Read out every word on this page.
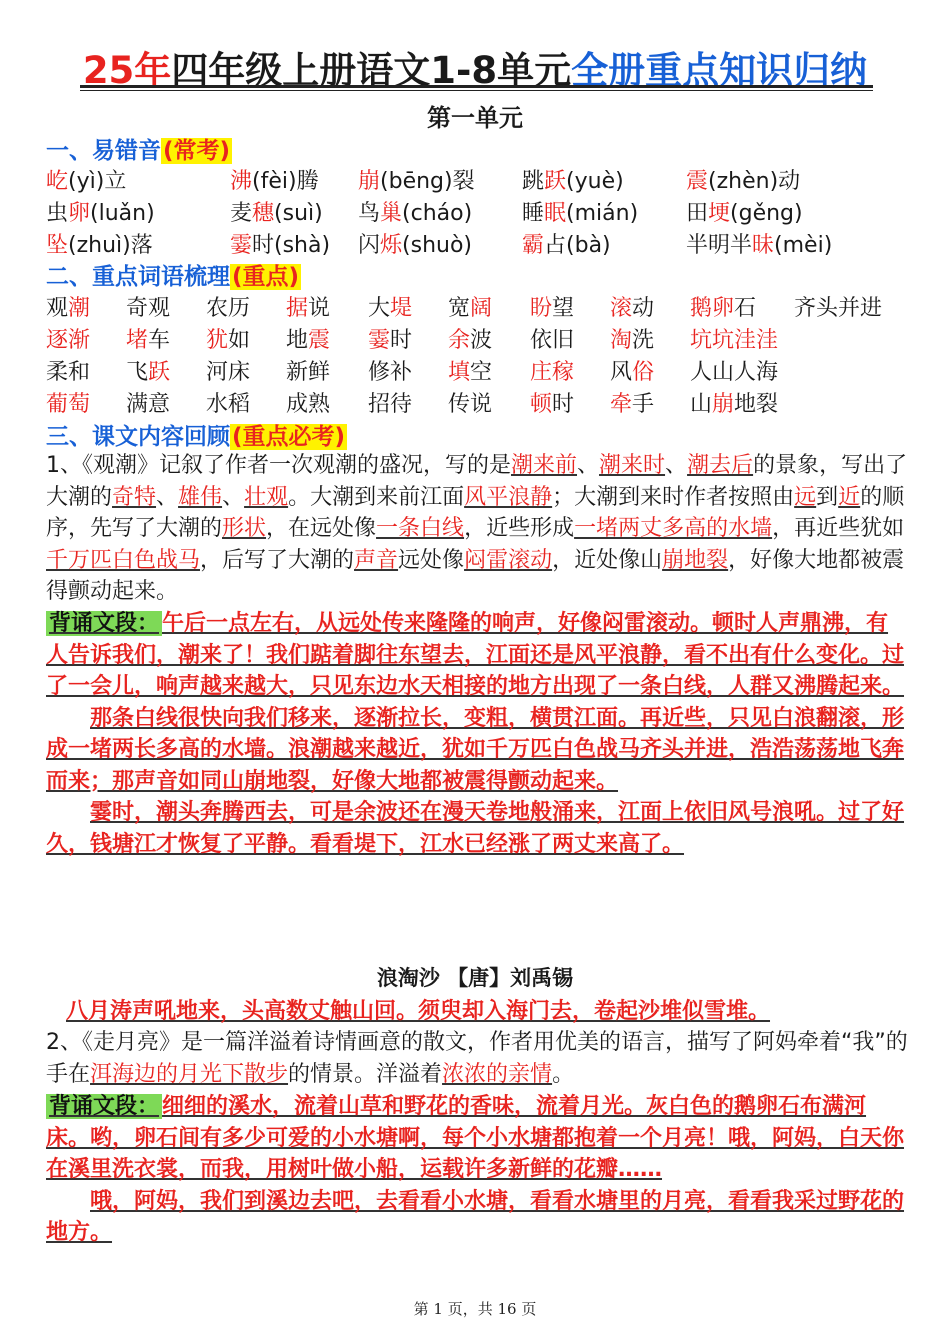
25年四年级上册语文1-8单元全册重点知识归纳
第一单元
一、易错音(常考)
屹(yì)立	沸(fèi)腾 崩(bēng)裂 跳跃(yuè)	震(zhèn)动
虫卵(luǎn)	麦穗(suì) 鸟巢(cháo) 睡眠(mián) 田埂(gěng)
坠(zhuì)落	霎时(shà) 闪烁(shuò) 霸占(bà)	半明半昧(mèi)
二、重点词语梳理(重点)
观潮 奇观 农历 据说 大堤 宽阔 盼望 滚动 鹅卵石 齐头并进
逐渐 堵车 犹如 地震 霎时 余波 依旧 淘洗 坑坑洼洼
柔和 飞跃 河床 新鲜 修补 填空 庄稼 风俗 人山人海
葡萄 满意 水稻 成熟 招待 传说 顿时 牵手 山崩地裂
三、课文内容回顾(重点必考)
1、《观潮》记叙了作者一次观潮的盛况，写的是潮来前、潮来时、潮去后的景象，写出了大潮的奇特、雄伟、壮观。大潮到来前江面风平浪静；大潮到来时作者按照由远到近的顺序，先写了大潮的形状，在远处像一条白线，近些形成一堵两丈多高的水墙，再近些犹如千万匹白色战马，后写了大潮的声音远处像闷雷滚动，近处像山崩地裂，好像大地都被震得颤动起来。
背诵文段： 午后一点左右，从远处传来隆隆的响声，好像闷雷滚动。顿时人声鼎沸，有人告诉我们，潮来了！我们踮着脚往东望去，江面还是风平浪静，看不出有什么变化。过了一会儿，响声越来越大，只见东边水天相接的地方出现了一条白线，人群又沸腾起来。
那条白线很快向我们移来，逐渐拉长，变粗，横贯江面。再近些，只见白浪翻滚，形成一堵两长多高的水墙。浪潮越来越近，犹如千万匹白色战马齐头并进，浩浩荡荡地飞奔而来；那声音如同山崩地裂，好像大地都被震得颤动起来。
霎时，潮头奔腾西去，可是余波还在漫天卷地般涌来，江面上依旧风号浪吼。过了好久，钱塘江才恢复了平静。看看堤下，江水已经涨了两丈来高了。
浪淘沙 【唐】刘禹锡
八月涛声吼地来，头高数丈触山回。须臾却入海门去，卷起沙堆似雪堆。
2、《走月亮》是一篇洋溢着诗情画意的散文，作者用优美的语言，描写了阿妈牵着“我”的手在洱海边的月光下散步的情景。洋溢着浓浓的亲情。
背诵文段： 细细的溪水，流着山草和野花的香味，流着月光。灰白色的鹅卵石布满河床。哟，卵石间有多少可爱的小水塘啊，每个小水塘都抱着一个月亮！哦，阿妈，白天你在溪里洗衣裳，而我，用树叶做小船，运载许多新鲜的花瓣……
哦，阿妈，我们到溪边去吧，去看看小水塘，看看水塘里的月亮，看看我采过野花的地方。
第 1 页，共 16 页
